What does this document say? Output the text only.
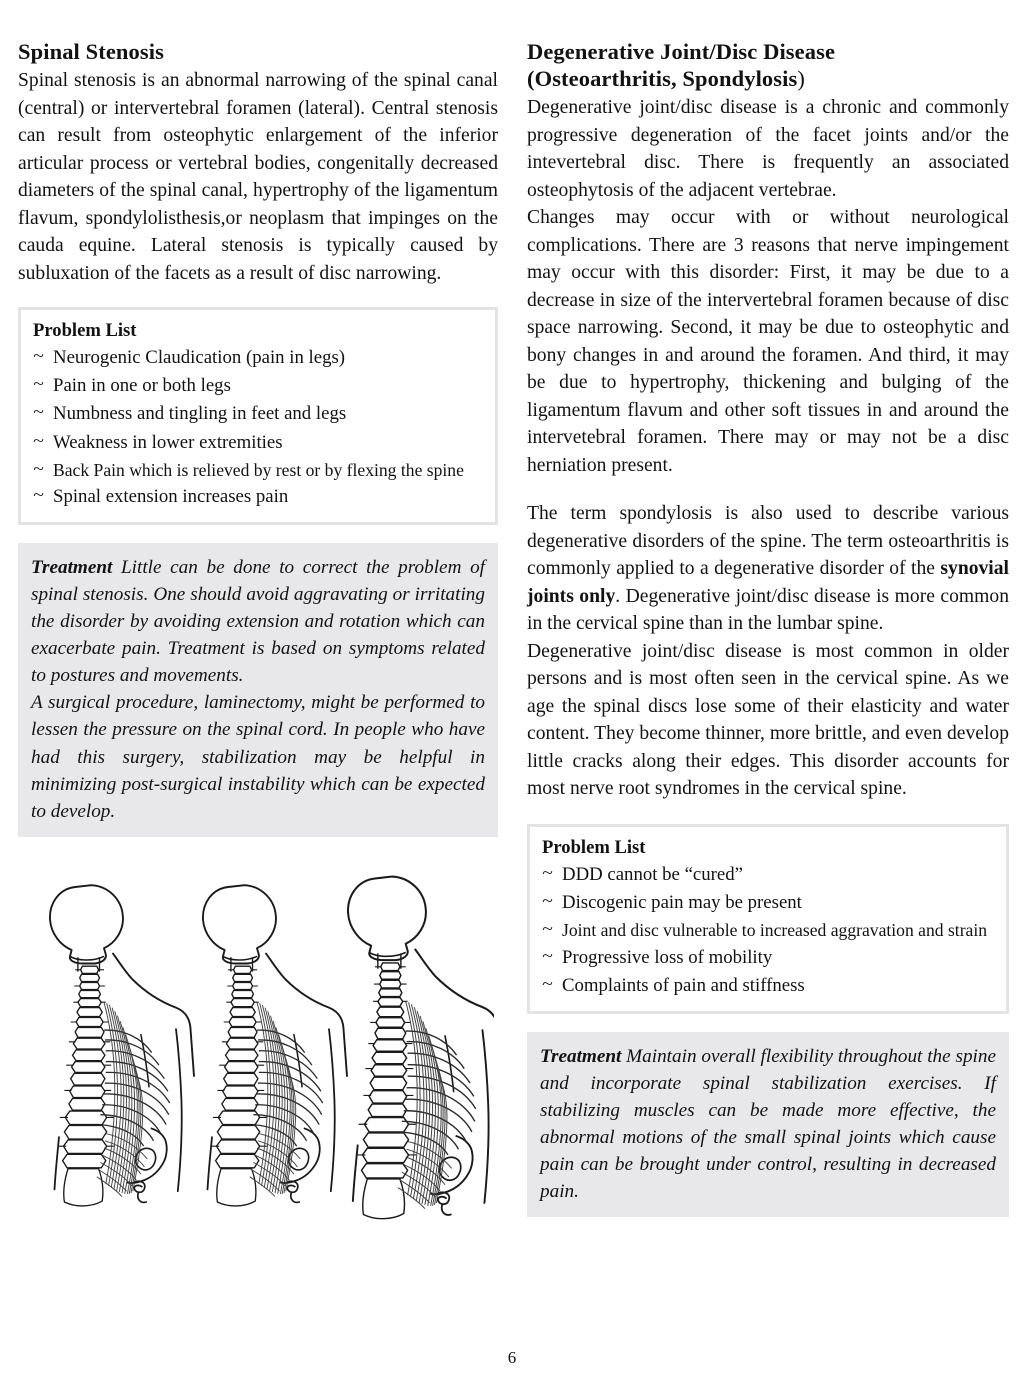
Spinal Stenosis

Spinal stenosis is an abnormal narrowing of the spinal canal (central) or intervertebral foramen (lateral). Central stenosis can result from osteophytic enlargement of the inferior articular process or vertebral bodies, congenitally decreased diameters of the spinal canal, hypertrophy of the ligamentum flavum, spondylolisthesis,or neoplasm that impinges on the cauda equine. Lateral stenosis is typically caused by subluxation of the facets as a result of disc narrowing.

Problem List
~ Neurogenic Claudication (pain in legs)
~ Pain in one or both legs
~ Numbness and tingling in feet and legs
~ Weakness in lower extremities
~ Back Pain which is relieved by rest or by flexing the spine
~ Spinal extension increases pain

Treatment Little can be done to correct the problem of spinal stenosis. One should avoid aggravating or irritating the disorder by avoiding extension and rotation which can exacerbate pain. Treatment is based on symptoms related to postures and movements.

A surgical procedure, laminectomy, might be performed to lessen the pressure on the spinal cord. In people who have had this surgery, stabilization may be helpful in minimizing post-surgical instability which can be expected to develop.

Degenerative Joint/Disc Disease
(Osteoarthritis, Spondylosis)

Degenerative joint/disc disease is a chronic and commonly progressive degeneration of the facet joints and/or the intevertebral disc. There is frequently an associated osteophytosis of the adjacent vertebrae.

Changes may occur with or without neurological complications. There are 3 reasons that nerve impingement may occur with this disorder: First, it may be due to a decrease in size of the intervertebral foramen because of disc space narrowing. Second, it may be due to osteophytic and bony changes in and around the foramen. And third, it may be due to hypertrophy, thickening and bulging of the ligamentum flavum and other soft tissues in and around the intervetebral foramen. There may or may not be a disc herniation present.

The term spondylosis is also used to describe various degenerative disorders of the spine. The term osteoarthritis is commonly applied to a degenerative disorder of the synovial joints only. Degenerative joint/disc disease is more common in the cervical spine than in the lumbar spine.

Degenerative joint/disc disease is most common in older persons and is most often seen in the cervical spine. As we age the spinal discs lose some of their elasticity and water content. They become thinner, more brittle, and even develop little cracks along their edges. This disorder accounts for most nerve root syndromes in the cervical spine.

Problem List
~ DDD cannot be “cured”
~ Discogenic pain may be present
~ Joint and disc vulnerable to increased aggravation and strain
~ Progressive loss of mobility
~ Complaints of pain and stiffness

Treatment Maintain overall flexibility throughout the spine and incorporate spinal stabilization exercises. If stabilizing muscles can be made more effective, the abnormal motions of the small spinal joints which cause pain can be brought under control, resulting in decreased pain.

6
